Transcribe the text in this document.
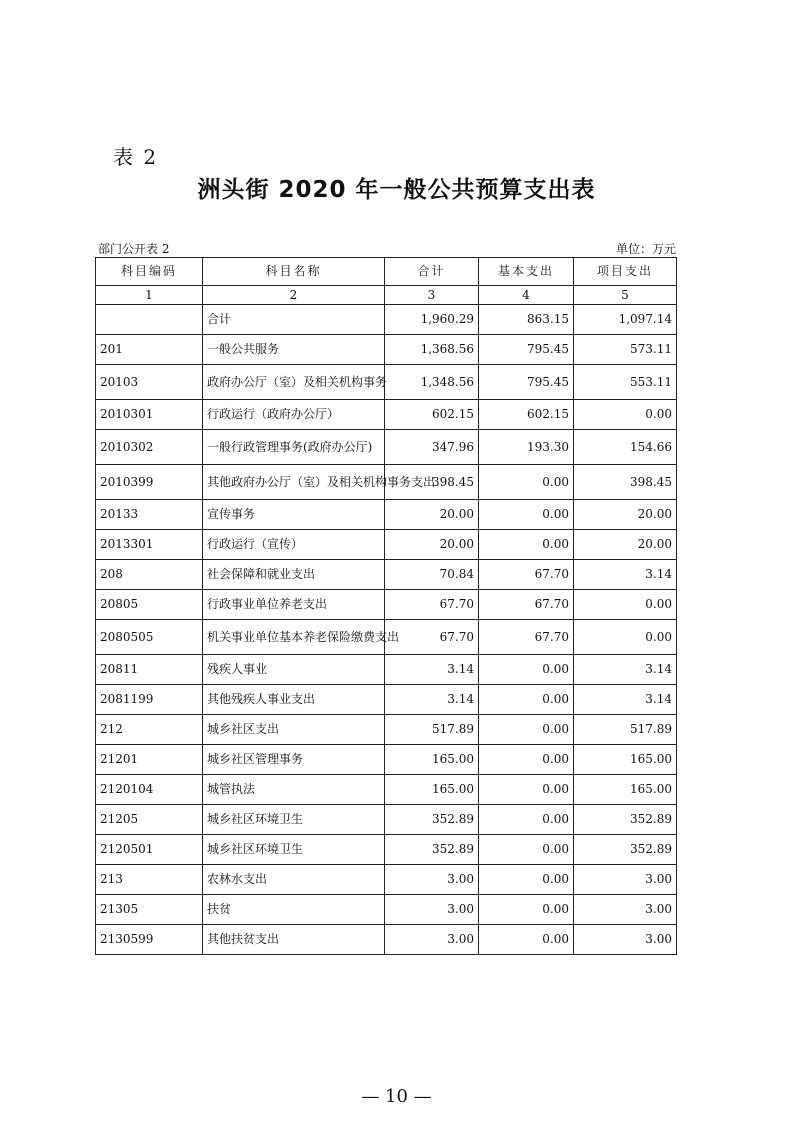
表 2
洲头街 2020 年一般公共预算支出表
部门公开表 2	单位：万元
科目编码	科目名称	合计	基本支出	项目支出
1	2	3	4	5
	合计	1,960.29	863.15	1,097.14
201	一般公共服务	1,368.56	795.45	573.11
20103	政府办公厅（室）及相关机构事务	1,348.56	795.45	553.11
2010301	行政运行（政府办公厅）	602.15	602.15	0.00
2010302	一般行政管理事务(政府办公厅)	347.96	193.30	154.66
2010399	其他政府办公厅（室）及相关机构事务支出	398.45	0.00	398.45
20133	宣传事务	20.00	0.00	20.00
2013301	行政运行（宣传）	20.00	0.00	20.00
208	社会保障和就业支出	70.84	67.70	3.14
20805	行政事业单位养老支出	67.70	67.70	0.00
2080505	机关事业单位基本养老保险缴费支出	67.70	67.70	0.00
20811	残疾人事业	3.14	0.00	3.14
2081199	其他残疾人事业支出	3.14	0.00	3.14
212	城乡社区支出	517.89	0.00	517.89
21201	城乡社区管理事务	165.00	0.00	165.00
2120104	城管执法	165.00	0.00	165.00
21205	城乡社区环境卫生	352.89	0.00	352.89
2120501	城乡社区环境卫生	352.89	0.00	352.89
213	农林水支出	3.00	0.00	3.00
21305	扶贫	3.00	0.00	3.00
2130599	其他扶贫支出	3.00	0.00	3.00
— 10 —
